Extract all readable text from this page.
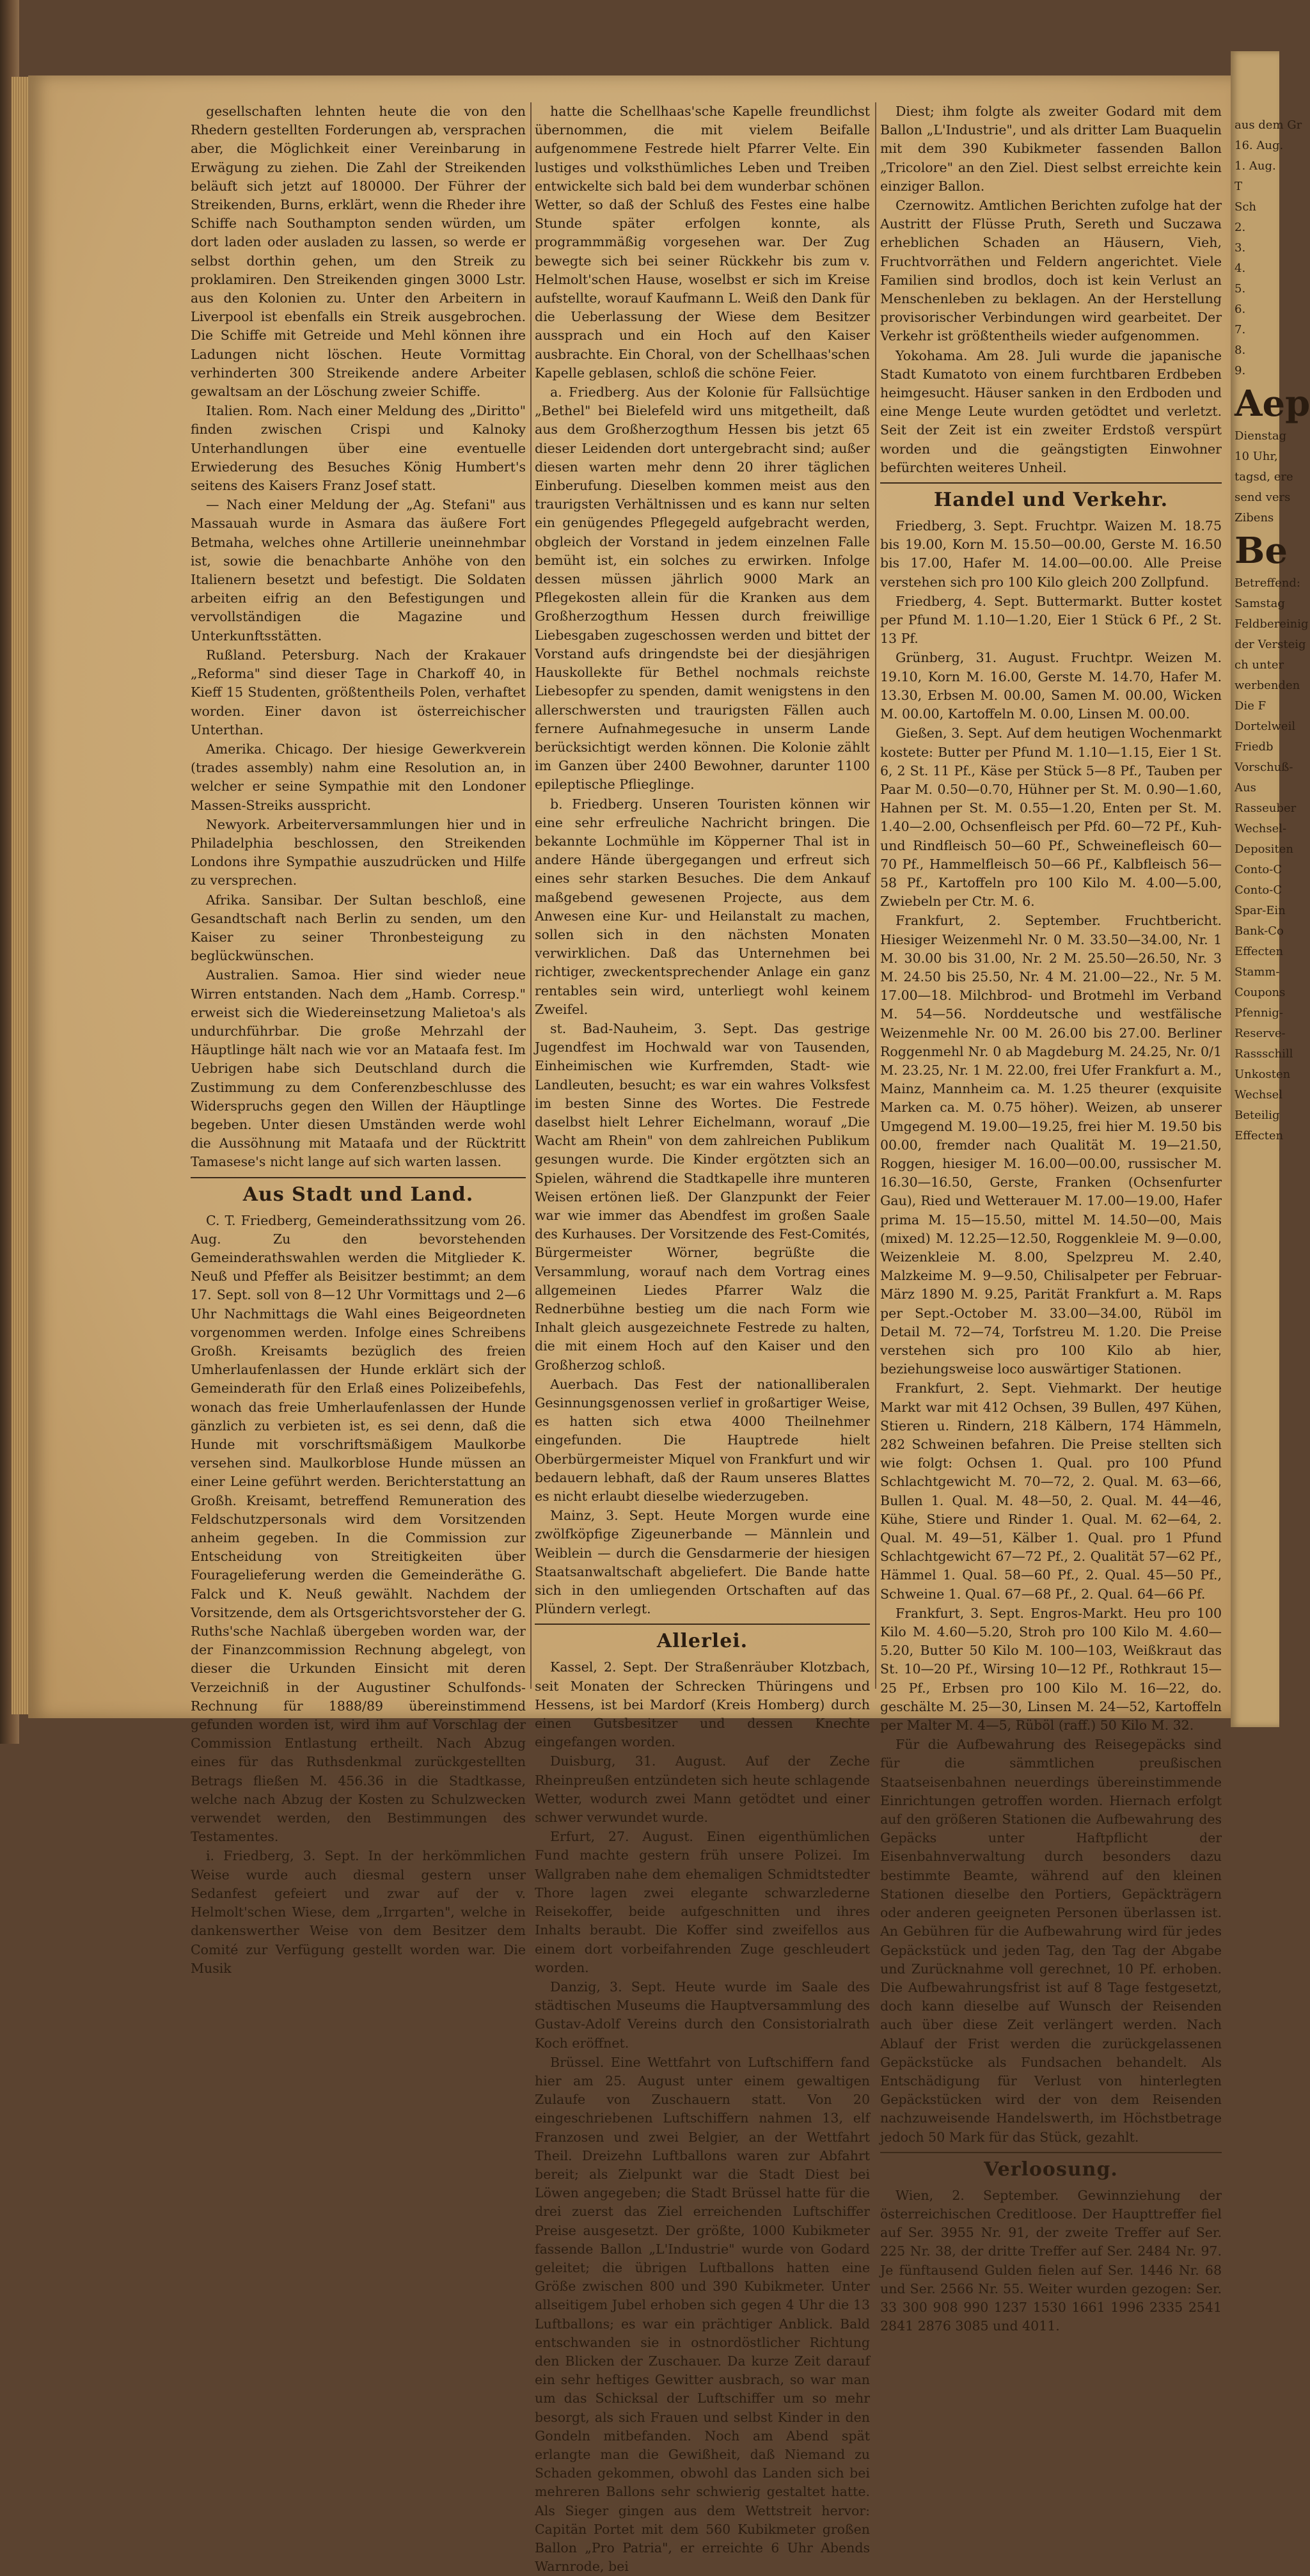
gesellschaften lehnten heute die von den Rhedern gestellten Forderungen ab, versprachen aber, die Möglichkeit einer Vereinbarung in Erwägung zu ziehen. Die Zahl der Streikenden beläuft sich jetzt auf 180000. Der Führer der Streikenden, Burns, erklärt, wenn die Rheder ihre Schiffe nach Southampton senden würden, um dort laden oder ausladen zu lassen, so werde er selbst dorthin gehen, um den Streik zu proklamiren. Den Streikenden gingen 3000 Lstr. aus den Kolonien zu. Unter den Arbeitern in Liverpool ist ebenfalls ein Streik ausgebrochen. Die Schiffe mit Getreide und Mehl können ihre Ladungen nicht löschen. Heute Vormittag verhinderten 300 Streikende andere Arbeiter gewaltsam an der Löschung zweier Schiffe.

Italien. Rom. Nach einer Meldung des „Diritto" finden zwischen Crispi und Kalnoky Unterhandlungen über eine eventuelle Erwiederung des Besuches König Humbert's seitens des Kaisers Franz Josef statt.

— Nach einer Meldung der „Ag. Stefani" aus Massauah wurde in Asmara das äußere Fort Betmaha, welches ohne Artillerie uneinnehmbar ist, sowie die benachbarte Anhöhe von den Italienern besetzt und befestigt. Die Soldaten arbeiten eifrig an den Befestigungen und vervollständigen die Magazine und Unterkunftsstätten.

Rußland. Petersburg. Nach der Krakauer „Reforma" sind dieser Tage in Charkoff 40, in Kieff 15 Studenten, größtentheils Polen, verhaftet worden. Einer davon ist österreichischer Unterthan.

Amerika. Chicago. Der hiesige Gewerkverein (trades assembly) nahm eine Resolution an, in welcher er seine Sympathie mit den Londoner Massen-Streiks ausspricht.

Newyork. Arbeiterversammlungen hier und in Philadelphia beschlossen, den Streikenden Londons ihre Sympathie auszudrücken und Hilfe zu versprechen.

Afrika. Sansibar. Der Sultan beschloß, eine Gesandtschaft nach Berlin zu senden, um den Kaiser zu seiner Thronbesteigung zu beglückwünschen.

Australien. Samoa. Hier sind wieder neue Wirren entstanden. Nach dem „Hamb. Corresp." erweist sich die Wiedereinsetzung Malietoa's als undurchführbar. Die große Mehrzahl der Häuptlinge hält nach wie vor an Mataafa fest. Im Uebrigen habe sich Deutschland durch die Zustimmung zu dem Conferenzbeschlusse des Widerspruchs gegen den Willen der Häuptlinge begeben. Unter diesen Umständen werde wohl die Aussöhnung mit Mataafa und der Rücktritt Tamasese's nicht lange auf sich warten lassen.

Aus Stadt und Land.

C. T. Friedberg, Gemeinderathssitzung vom 26. Aug. Zu den bevorstehenden Gemeinderathswahlen werden die Mitglieder K. Neuß und Pfeffer als Beisitzer bestimmt; an dem 17. Sept. soll von 8—12 Uhr Vormittags und 2—6 Uhr Nachmittags die Wahl eines Beigeordneten vorgenommen werden. Infolge eines Schreibens Großh. Kreisamts bezüglich des freien Umherlaufenlassen der Hunde erklärt sich der Gemeinderath für den Erlaß eines Polizeibefehls, wonach das freie Umherlaufenlassen der Hunde gänzlich zu verbieten ist, es sei denn, daß die Hunde mit vorschriftsmäßigem Maulkorbe versehen sind. Maulkorblose Hunde müssen an einer Leine geführt werden. Berichterstattung an Großh. Kreisamt, betreffend Remuneration des Feldschutzpersonals wird dem Vorsitzenden anheim gegeben. In die Commission zur Entscheidung von Streitigkeiten über Fouragelieferung werden die Gemeinderäthe G. Falck und K. Neuß gewählt. Nachdem der Vorsitzende, dem als Ortsgerichtsvorsteher der G. Ruths'sche Nachlaß übergeben worden war, der der Finanzcommission Rechnung abgelegt, von dieser die Urkunden Einsicht mit deren Verzeichniß in der Augustiner Schulfonds-Rechnung für 1888/89 übereinstimmend gefunden worden ist, wird ihm auf Vorschlag der Commission Entlastung ertheilt. Nach Abzug eines für das Ruthsdenkmal zurückgestellten Betrags fließen M. 456.36 in die Stadtkasse, welche nach Abzug der Kosten zu Schulzwecken verwendet werden, den Bestimmungen des Testamentes.

i. Friedberg, 3. Sept. In der herkömmlichen Weise wurde auch diesmal gestern unser Sedanfest gefeiert und zwar auf der v. Helmolt'schen Wiese, dem „Irrgarten", welche in dankenswerther Weise von dem Besitzer dem Comité zur Verfügung gestellt worden war. Die Musik

hatte die Schellhaas'sche Kapelle freundlichst übernommen, die mit vielem Beifalle aufgenommene Festrede hielt Pfarrer Velte. Ein lustiges und volksthümliches Leben und Treiben entwickelte sich bald bei dem wunderbar schönen Wetter, so daß der Schluß des Festes eine halbe Stunde später erfolgen konnte, als programmmäßig vorgesehen war. Der Zug bewegte sich bei seiner Rückkehr bis zum v. Helmolt'schen Hause, woselbst er sich im Kreise aufstellte, worauf Kaufmann L. Weiß den Dank für die Ueberlassung der Wiese dem Besitzer aussprach und ein Hoch auf den Kaiser ausbrachte. Ein Choral, von der Schellhaas'schen Kapelle geblasen, schloß die schöne Feier.

a. Friedberg. Aus der Kolonie für Fallsüchtige „Bethel" bei Bielefeld wird uns mitgetheilt, daß aus dem Großherzogthum Hessen bis jetzt 65 dieser Leidenden dort untergebracht sind; außer diesen warten mehr denn 20 ihrer täglichen Einberufung. Dieselben kommen meist aus den traurigsten Verhältnissen und es kann nur selten ein genügendes Pflegegeld aufgebracht werden, obgleich der Vorstand in jedem einzelnen Falle bemüht ist, ein solches zu erwirken. Infolge dessen müssen jährlich 9000 Mark an Pflegekosten allein für die Kranken aus dem Großherzogthum Hessen durch freiwillige Liebesgaben zugeschossen werden und bittet der Vorstand aufs dringendste bei der diesjährigen Hauskollekte für Bethel nochmals reichste Liebesopfer zu spenden, damit wenigstens in den allerschwersten und traurigsten Fällen auch fernere Aufnahmegesuche in unserm Lande berücksichtigt werden können. Die Kolonie zählt im Ganzen über 2400 Bewohner, darunter 1100 epileptische Pflieglinge.

b. Friedberg. Unseren Touristen können wir eine sehr erfreuliche Nachricht bringen. Die bekannte Lochmühle im Köpperner Thal ist in andere Hände übergegangen und erfreut sich eines sehr starken Besuches. Die dem Ankauf maßgebend gewesenen Projecte, aus dem Anwesen eine Kur- und Heilanstalt zu machen, sollen sich in den nächsten Monaten verwirklichen. Daß das Unternehmen bei richtiger, zweckentsprechender Anlage ein ganz rentables sein wird, unterliegt wohl keinem Zweifel.

st. Bad-Nauheim, 3. Sept. Das gestrige Jugendfest im Hochwald war von Tausenden, Einheimischen wie Kurfremden, Stadt- wie Landleuten, besucht; es war ein wahres Volksfest im besten Sinne des Wortes. Die Festrede daselbst hielt Lehrer Eichelmann, worauf „Die Wacht am Rhein" von dem zahlreichen Publikum gesungen wurde. Die Kinder ergötzten sich an Spielen, während die Stadtkapelle ihre munteren Weisen ertönen ließ. Der Glanzpunkt der Feier war wie immer das Abendfest im großen Saale des Kurhauses. Der Vorsitzende des Fest-Comités, Bürgermeister Wörner, begrüßte die Versammlung, worauf nach dem Vortrag eines allgemeinen Liedes Pfarrer Walz die Rednerbühne bestieg um die nach Form wie Inhalt gleich ausgezeichnete Festrede zu halten, die mit einem Hoch auf den Kaiser und den Großherzog schloß.

Auerbach. Das Fest der nationalliberalen Gesinnungsgenossen verlief in großartiger Weise, es hatten sich etwa 4000 Theilnehmer eingefunden. Die Hauptrede hielt Oberbürgermeister Miquel von Frankfurt und wir bedauern lebhaft, daß der Raum unseres Blattes es nicht erlaubt dieselbe wiederzugeben.

Mainz, 3. Sept. Heute Morgen wurde eine zwölfköpfige Zigeunerbande — Männlein und Weiblein — durch die Gensdarmerie der hiesigen Staatsanwaltschaft abgeliefert. Die Bande hatte sich in den umliegenden Ortschaften auf das Plündern verlegt.

Allerlei.

Kassel, 2. Sept. Der Straßenräuber Klotzbach, seit Monaten der Schrecken Thüringens und Hessens, ist bei Mardorf (Kreis Homberg) durch einen Gutsbesitzer und dessen Knechte eingefangen worden.

Duisburg, 31. August. Auf der Zeche Rheinpreußen entzündeten sich heute schlagende Wetter, wodurch zwei Mann getödtet und einer schwer verwundet wurde.

Erfurt, 27. August. Einen eigenthümlichen Fund machte gestern früh unsere Polizei. Im Wallgraben nahe dem ehemaligen Schmidtstedter Thore lagen zwei elegante schwarzlederne Reisekoffer, beide aufgeschnitten und ihres Inhalts beraubt. Die Koffer sind zweifellos aus einem dort vorbeifahrenden Zuge geschleudert worden.

Danzig, 3. Sept. Heute wurde im Saale des städtischen Museums die Hauptversammlung des Gustav-Adolf Vereins durch den Consistorialrath Koch eröffnet.

Brüssel. Eine Wettfahrt von Luftschiffern fand hier am 25. August unter einem gewaltigen Zulaufe von Zuschauern statt. Von 20 eingeschriebenen Luftschiffern nahmen 13, elf Franzosen und zwei Belgier, an der Wettfahrt Theil. Dreizehn Luftballons waren zur Abfahrt bereit; als Zielpunkt war die Stadt Diest bei Löwen angegeben; die Stadt Brüssel hatte für die drei zuerst das Ziel erreichenden Luftschiffer Preise ausgesetzt. Der größte, 1000 Kubikmeter fassende Ballon „L'Industrie" wurde von Godard geleitet; die übrigen Luftballons hatten eine Größe zwischen 800 und 390 Kubikmeter. Unter allseitigem Jubel erhoben sich gegen 4 Uhr die 13 Luftballons; es war ein prächtiger Anblick. Bald entschwanden sie in ostnordöstlicher Richtung den Blicken der Zuschauer. Da kurze Zeit darauf ein sehr heftiges Gewitter ausbrach, so war man um das Schicksal der Luftschiffer um so mehr besorgt, als sich Frauen und selbst Kinder in den Gondeln mitbefanden. Noch am Abend spät erlangte man die Gewißheit, daß Niemand zu Schaden gekommen, obwohl das Landen sich bei mehreren Ballons sehr schwierig gestaltet hatte. Als Sieger gingen aus dem Wettstreit hervor: Capitän Portet mit dem 560 Kubikmeter großen Ballon „Pro Patria", er erreichte 6 Uhr Abends Warnrode, bei

Diest; ihm folgte als zweiter Godard mit dem Ballon „L'Industrie", und als dritter Lam Buaquelin mit dem 390 Kubikmeter fassenden Ballon „Tricolore" an den Ziel. Diest selbst erreichte kein einziger Ballon.

Czernowitz. Amtlichen Berichten zufolge hat der Austritt der Flüsse Pruth, Sereth und Suczawa erheblichen Schaden an Häusern, Vieh, Fruchtvorräthen und Feldern angerichtet. Viele Familien sind brodlos, doch ist kein Verlust an Menschenleben zu beklagen. An der Herstellung provisorischer Verbindungen wird gearbeitet. Der Verkehr ist größtentheils wieder aufgenommen.

Yokohama. Am 28. Juli wurde die japanische Stadt Kumatoto von einem furchtbaren Erdbeben heimgesucht. Häuser sanken in den Erdboden und eine Menge Leute wurden getödtet und verletzt. Seit der Zeit ist ein zweiter Erdstoß verspürt worden und die geängstigten Einwohner befürchten weiteres Unheil.

Handel und Verkehr.

Friedberg, 3. Sept. Fruchtpr. Waizen M. 18.75 bis 19.00, Korn M. 15.50—00.00, Gerste M. 16.50 bis 17.00, Hafer M. 14.00—00.00. Alle Preise verstehen sich pro 100 Kilo gleich 200 Zollpfund.

Friedberg, 4. Sept. Buttermarkt. Butter kostet per Pfund M. 1.10—1.20, Eier 1 Stück 6 Pf., 2 St. 13 Pf.

Grünberg, 31. August. Fruchtpr. Weizen M. 19.10, Korn M. 16.00, Gerste M. 14.70, Hafer M. 13.30, Erbsen M. 00.00, Samen M. 00.00, Wicken M. 00.00, Kartoffeln M. 0.00, Linsen M. 00.00.

Gießen, 3. Sept. Auf dem heutigen Wochenmarkt kostete: Butter per Pfund M. 1.10—1.15, Eier 1 St. 6, 2 St. 11 Pf., Käse per Stück 5—8 Pf., Tauben per Paar M. 0.50—0.70, Hühner per St. M. 0.90—1.60, Hahnen per St. M. 0.55—1.20, Enten per St. M. 1.40—2.00, Ochsenfleisch per Pfd. 60—72 Pf., Kuh- und Rindfleisch 50—60 Pf., Schweinefleisch 60—70 Pf., Hammelfleisch 50—66 Pf., Kalbfleisch 56—58 Pf., Kartoffeln pro 100 Kilo M. 4.00—5.00, Zwiebeln per Ctr. M. 6.

Frankfurt, 2. September. Fruchtbericht. Hiesiger Weizenmehl Nr. 0 M. 33.50—34.00, Nr. 1 M. 30.00 bis 31.00, Nr. 2 M. 25.50—26.50, Nr. 3 M. 24.50 bis 25.50, Nr. 4 M. 21.00—22., Nr. 5 M. 17.00—18. Milchbrod- und Brotmehl im Verband M. 54—56. Norddeutsche und westfälische Weizenmehle Nr. 00 M. 26.00 bis 27.00. Berliner Roggenmehl Nr. 0 ab Magdeburg M. 24.25, Nr. 0/1 M. 23.25, Nr. 1 M. 22.00, frei Ufer Frankfurt a. M., Mainz, Mannheim ca. M. 1.25 theurer (exquisite Marken ca. M. 0.75 höher). Weizen, ab unserer Umgegend M. 19.00—19.25, frei hier M. 19.50 bis 00.00, fremder nach Qualität M. 19—21.50, Roggen, hiesiger M. 16.00—00.00, russischer M. 16.30—16.50, Gerste, Franken (Ochsenfurter Gau), Ried und Wetterauer M. 17.00—19.00, Hafer prima M. 15—15.50, mittel M. 14.50—00, Mais (mixed) M. 12.25—12.50, Roggenkleie M. 9—0.00, Weizenkleie M. 8.00, Spelzpreu M. 2.40, Malzkeime M. 9—9.50, Chilisalpeter per Februar-März 1890 M. 9.25, Parität Frankfurt a. M. Raps per Sept.-October M. 33.00—34.00, Rüböl im Detail M. 72—74, Torfstreu M. 1.20. Die Preise verstehen sich pro 100 Kilo ab hier, beziehungsweise loco auswärtiger Stationen.

Frankfurt, 2. Sept. Viehmarkt. Der heutige Markt war mit 412 Ochsen, 39 Bullen, 497 Kühen, Stieren u. Rindern, 218 Kälbern, 174 Hämmeln, 282 Schweinen befahren. Die Preise stellten sich wie folgt: Ochsen 1. Qual. pro 100 Pfund Schlachtgewicht M. 70—72, 2. Qual. M. 63—66, Bullen 1. Qual. M. 48—50, 2. Qual. M. 44—46, Kühe, Stiere und Rinder 1. Qual. M. 62—64, 2. Qual. M. 49—51, Kälber 1. Qual. pro 1 Pfund Schlachtgewicht 67—72 Pf., 2. Qualität 57—62 Pf., Hämmel 1. Qual. 58—60 Pf., 2. Qual. 45—50 Pf., Schweine 1. Qual. 67—68 Pf., 2. Qual. 64—66 Pf.

Frankfurt, 3. Sept. Engros-Markt. Heu pro 100 Kilo M. 4.60—5.20, Stroh pro 100 Kilo M. 4.60—5.20, Butter 50 Kilo M. 100—103, Weißkraut das St. 10—20 Pf., Wirsing 10—12 Pf., Rothkraut 15—25 Pf., Erbsen pro 100 Kilo M. 16—22, do. geschälte M. 25—30, Linsen M. 24—52, Kartoffeln per Malter M. 4—5, Rüböl (raff.) 50 Kilo M. 32.

Für die Aufbewahrung des Reisegepäcks sind für die sämmtlichen preußischen Staatseisenbahnen neuerdings übereinstimmende Einrichtungen getroffen worden. Hiernach erfolgt auf den größeren Stationen die Aufbewahrung des Gepäcks unter Haftpflicht der Eisenbahnverwaltung durch besonders dazu bestimmte Beamte, während auf den kleinen Stationen dieselbe den Portiers, Gepäckträgern oder anderen geeigneten Personen überlassen ist. An Gebühren für die Aufbewahrung wird für jedes Gepäckstück und jeden Tag, den Tag der Abgabe und Zurücknahme voll gerechnet, 10 Pf. erhoben. Die Aufbewahrungsfrist ist auf 8 Tage festgesetzt, doch kann dieselbe auf Wunsch der Reisenden auch über diese Zeit verlängert werden. Nach Ablauf der Frist werden die zurückgelassenen Gepäckstücke als Fundsachen behandelt. Als Entschädigung für Verlust von hinterlegten Gepäckstücken wird der von dem Reisenden nachzuweisende Handelswerth, im Höchstbetrage jedoch 50 Mark für das Stück, gezahlt.

Verloosung.

Wien, 2. September. Gewinnziehung der österreichischen Creditloose. Der Haupttreffer fiel auf Ser. 3955 Nr. 91, der zweite Treffer auf Ser. 225 Nr. 38, der dritte Treffer auf Ser. 2484 Nr. 97. Je fünftausend Gulden fielen auf Ser. 1446 Nr. 68 und Ser. 2566 Nr. 55. Weiter wurden gezogen: Ser. 33 300 908 990 1237 1530 1661 1996 2335 2541 2841 2876 3085 und 4011.

aus dem Gr
16. Aug.
1. Aug.
T
Sch
2.
3.
4.
5.
6.
7.
8.
9.
Aep
Dienstag
10 Uhr,
tagsd, ere
send vers
Zibens
Be
Betreffend:
Samstag
Feldbereinig
der Versteig
ch unter
werbenden
Die F
Dortelweil
Friedb
Vorschuß-
Aus
Rasseuber
Wechsel-
Depositen
Conto-C
Conto-C
Spar-Ein
Bank-Co
Effecten
Stamm-
Coupons
Pfennig-
Reserve-
Rassschill
Unkosten
Wechsel
Beteilig
Effecten
